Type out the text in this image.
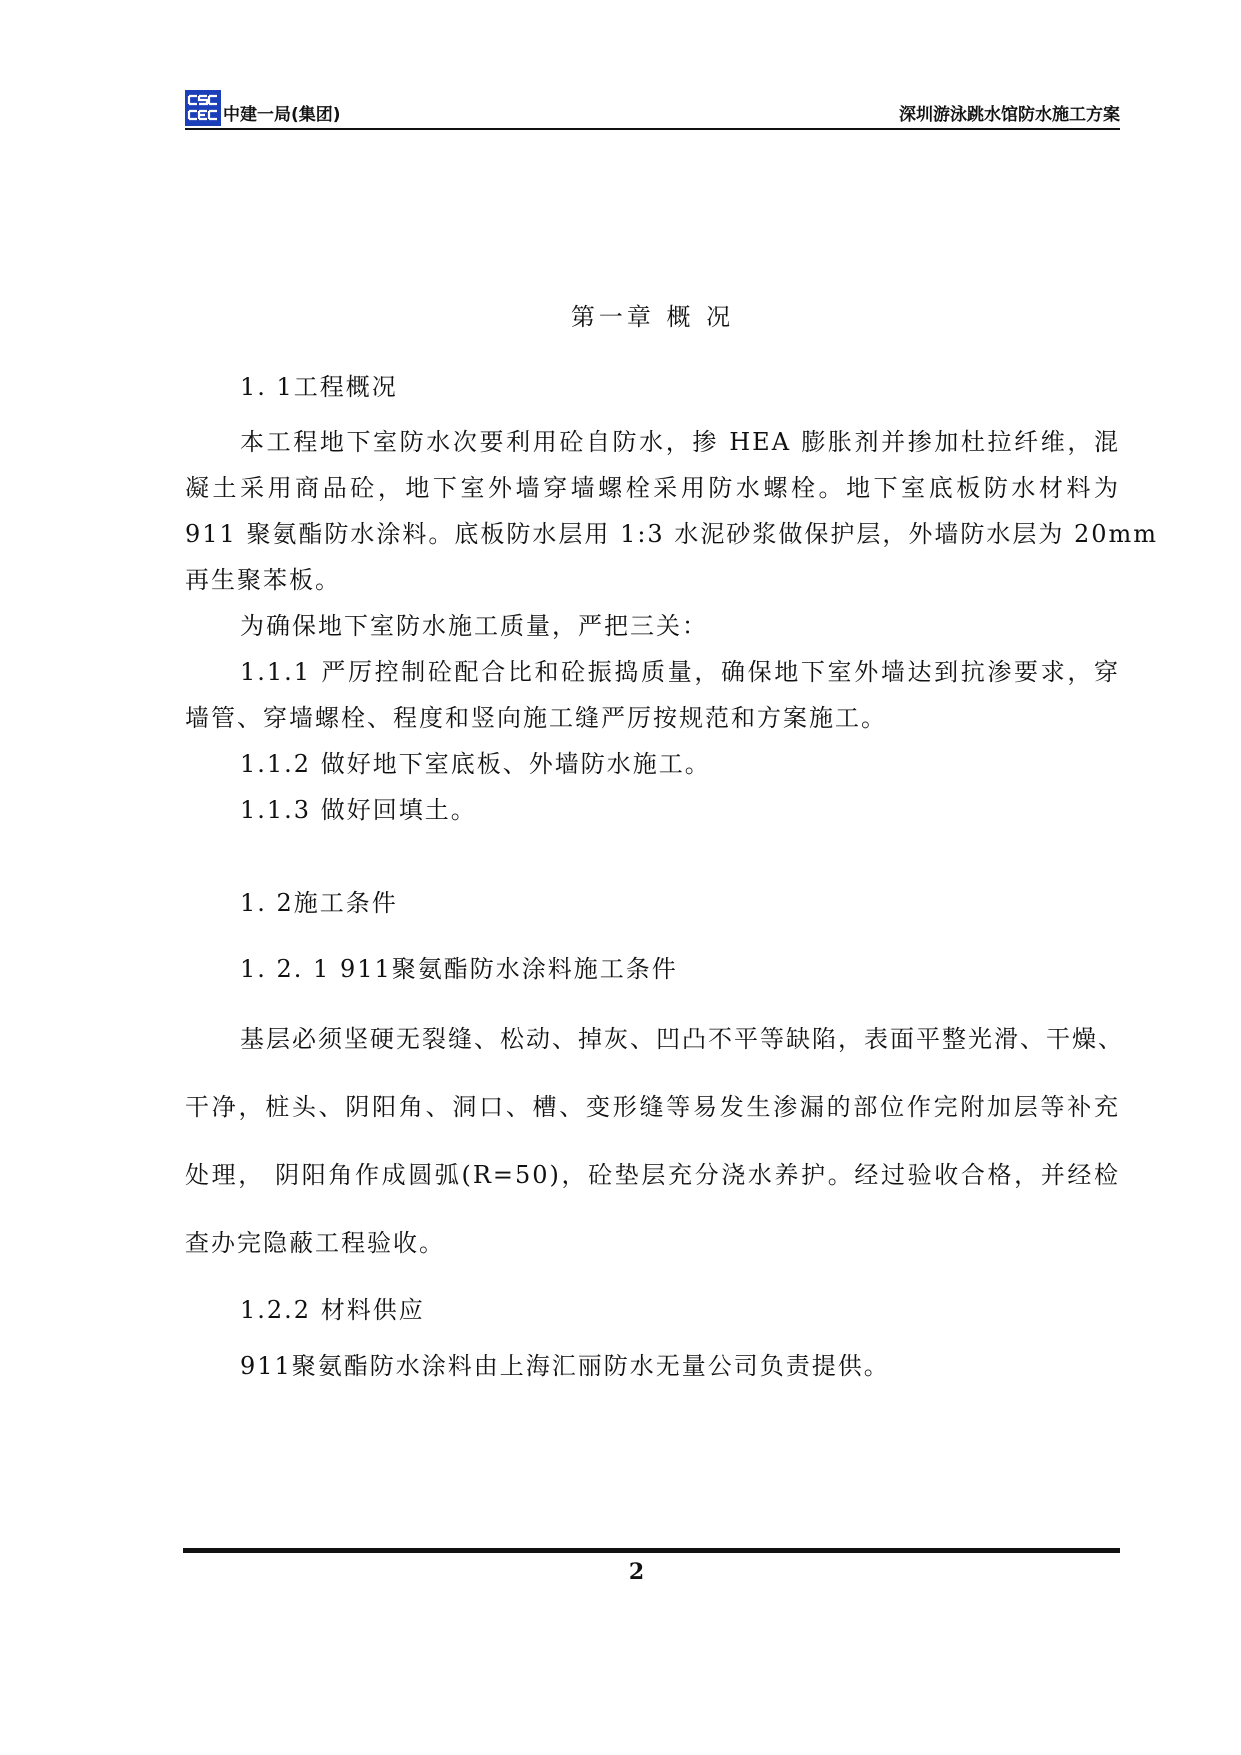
中建一局(集团)	深圳游泳跳水馆防水施工方案
第一章 概 况
1. 1工程概况
本工程地下室防水次要利用砼自防水，掺 HEA 膨胀剂并掺加杜拉纤维，混
凝土采用商品砼，地下室外墙穿墙螺栓采用防水螺栓。地下室底板防水材料为
911 聚氨酯防水涂料。底板防水层用 1:3 水泥砂浆做保护层，外墙防水层为 20mm
再生聚苯板。
为确保地下室防水施工质量，严把三关：
1.1.1 严厉控制砼配合比和砼振捣质量，确保地下室外墙达到抗渗要求，穿
墙管、穿墙螺栓、程度和竖向施工缝严厉按规范和方案施工。
1.1.2 做好地下室底板、外墙防水施工。
1.1.3 做好回填土。
1. 2施工条件
1. 2. 1 911聚氨酯防水涂料施工条件
基层必须坚硬无裂缝、松动、掉灰、凹凸不平等缺陷，表面平整光滑、干燥、
干净，桩头、阴阳角、洞口、槽、变形缝等易发生渗漏的部位作完附加层等补充
处理， 阴阳角作成圆弧(R=50)，砼垫层充分浇水养护。经过验收合格，并经检
查办完隐蔽工程验收。
1.2.2 材料供应
911聚氨酯防水涂料由上海汇丽防水无量公司负责提供。
2
